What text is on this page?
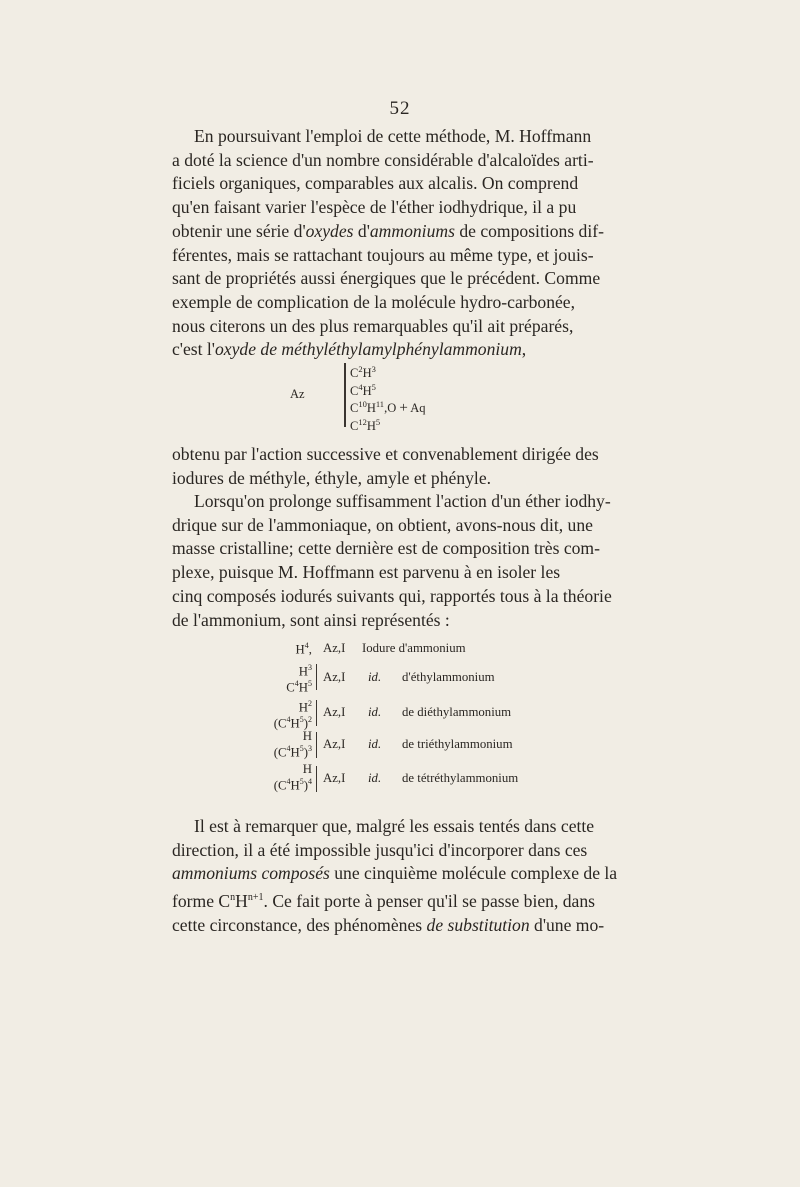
52

En poursuivant l'emploi de cette méthode, M. Hoffmann

a doté la science d'un nombre considérable d'alcaloïdes arti-

ficiels organiques, comparables aux alcalis. On comprend

qu'en faisant varier l'espèce de l'éther iodhydrique, il a pu

obtenir une série d'oxydes d'ammoniums de compositions dif-

férentes, mais se rattachant toujours au même type, et jouis-

sant de propriétés aussi énergiques que le précédent. Comme

exemple de complication de la molécule hydro-carbonée,

nous citerons un des plus remarquables qu'il ait préparés,

c'est l'oxyde de méthyléthylamylphénylammonium,

Az
$C^2H^3$
$C^4H^5$
$C^{10}H^{11},O + Aq$
$C^{12}H^5$

obtenu par l'action successive et convenablement dirigée des

iodures de méthyle, éthyle, amyle et phényle.

Lorsqu'on prolonge suffisamment l'action d'un éther iodhy-

drique sur de l'ammoniaque, on obtient, avons-nous dit, une

masse cristalline; cette dernière est de composition très com-

plexe, puisque M. Hoffmann est parvenu à en isoler les

cinq composés iodurés suivants qui, rapportés tous à la théorie

de l'ammonium, sont ainsi représentés :

$H^4$, Az,I Iodure d'ammonium
$H^3$
$C^4H^5$ Az,I id. d'éthylammonium
$H^2$
$(C^4H^5)^2$
Az,I id. de diéthylammonium
H
$(C^4H^5)^3$ Az,I id. de triéthylammonium
H
$(C^4H^5)^4$ Az,I id. de tétréthylammonium

Il est à remarquer que, malgré les essais tentés dans cette

direction, il a été impossible jusqu'ici d'incorporer dans ces

ammoniums composés une cinquième molécule complexe de la

forme $C^nH^{n+1}$. Ce fait porte à penser qu'il se passe bien, dans

cette circonstance, des phénomènes de substitution d'une mo-
